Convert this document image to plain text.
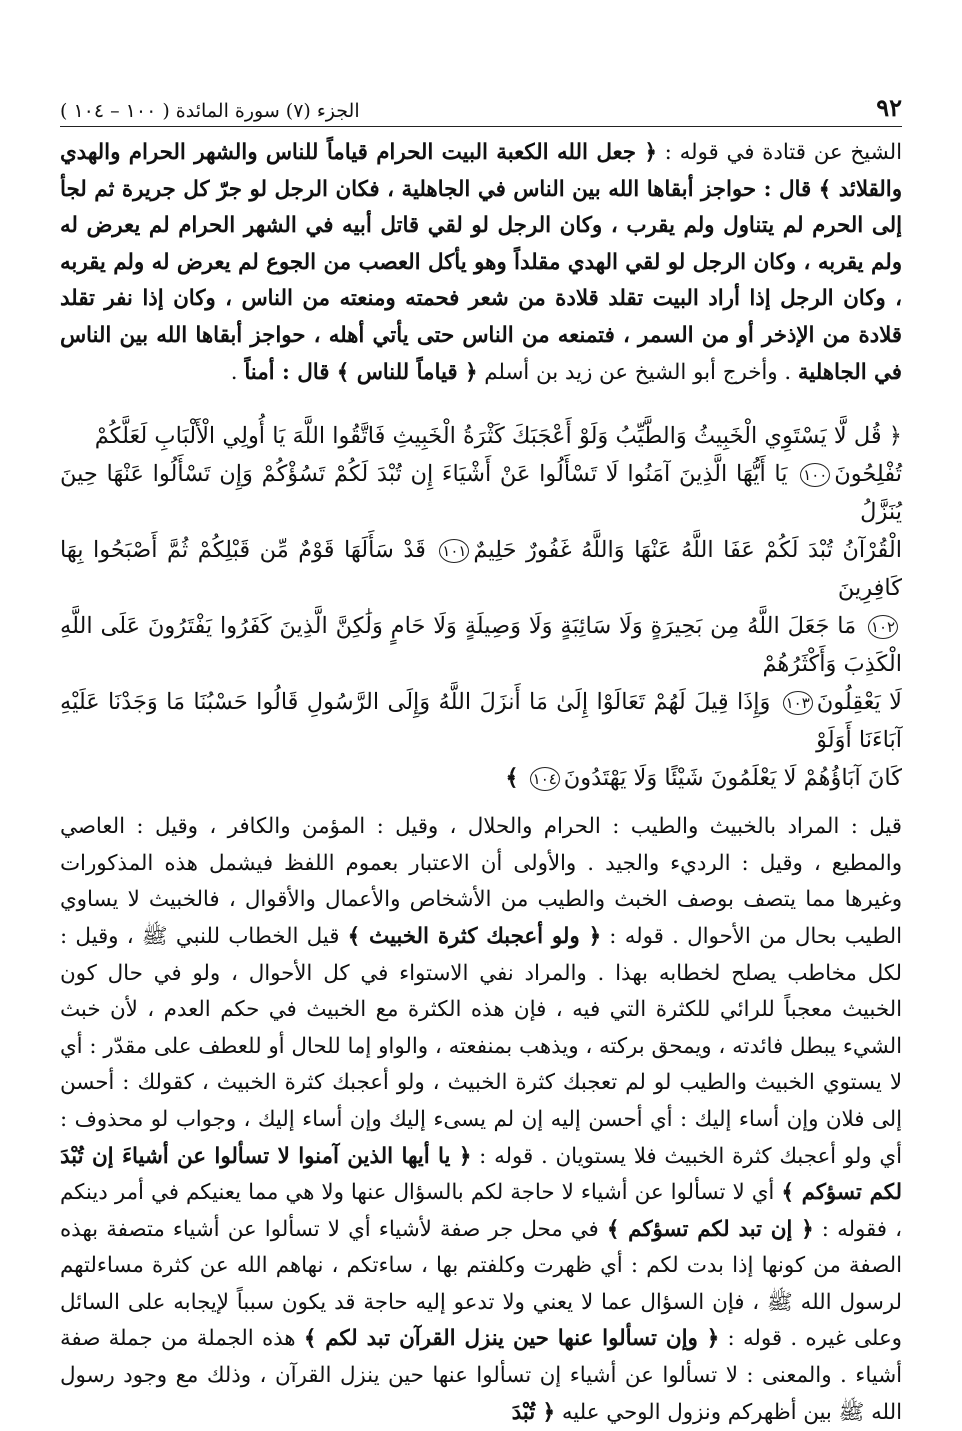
٩٢
الجزء (٧) سورة المائدة ( ١٠٠ – ١٠٤ )

الشيخ عن قتادة في قوله : ﴿ جعل الله الكعبة البيت الحرام قياماً للناس والشهر الحرام والهدي والقلائد ﴾ قال : حواجز أبقاها الله بين الناس في الجاهلية ، فكان الرجل لو جرّ كل جريرة ثم لجأ إلى الحرم لم يتناول ولم يقرب ، وكان الرجل لو لقي قاتل أبيه في الشهر الحرام لم يعرض له ولم يقربه ، وكان الرجل لو لقي الهدي مقلداً وهو يأكل العصب من الجوع لم يعرض له ولم يقربه ، وكان الرجل إذا أراد البيت تقلد قلادة من شعر فحمته ومنعته من الناس ، وكان إذا نفر تقلد قلادة من الإذخر أو من السمر ، فتمنعه من الناس حتى يأتي أهله ، حواجز أبقاها الله بين الناس في الجاهلية . وأخرج أبو الشيخ عن زيد بن أسلم ﴿ قياماً للناس ﴾ قال : أمناً .

﴿ قُل لَّا يَسْتَوِي الْخَبِيثُ وَالطَّيِّبُ وَلَوْ أَعْجَبَكَ كَثْرَةُ الْخَبِيثِ فَاتَّقُوا اللَّهَ يَا أُولِي الْأَلْبَابِ لَعَلَّكُمْ
تُفْلِحُونَ١٠٠ يَا أَيُّهَا الَّذِينَ آمَنُوا لَا تَسْأَلُوا عَنْ أَشْيَاءَ إِن تُبْدَ لَكُمْ تَسُؤْكُمْ وَإِن تَسْأَلُوا عَنْهَا حِينَ يُنَزَّلُ
الْقُرْآنُ تُبْدَ لَكُمْ عَفَا اللَّهُ عَنْهَا وَاللَّهُ غَفُورٌ حَلِيمٌ١٠١ قَدْ سَأَلَهَا قَوْمٌ مِّن قَبْلِكُمْ ثُمَّ أَصْبَحُوا بِهَا كَافِرِينَ
١٠٢ مَا جَعَلَ اللَّهُ مِن بَحِيرَةٍ وَلَا سَائِبَةٍ وَلَا وَصِيلَةٍ وَلَا حَامٍ وَلَٰكِنَّ الَّذِينَ كَفَرُوا يَفْتَرُونَ عَلَى اللَّهِ الْكَذِبَ وَأَكْثَرُهُمْ
لَا يَعْقِلُونَ١٠٣ وَإِذَا قِيلَ لَهُمْ تَعَالَوْا إِلَىٰ مَا أَنزَلَ اللَّهُ وَإِلَى الرَّسُولِ قَالُوا حَسْبُنَا مَا وَجَدْنَا عَلَيْهِ آبَاءَنَا أَوَلَوْ
كَانَ آبَاؤُهُمْ لَا يَعْلَمُونَ شَيْئًا وَلَا يَهْتَدُونَ١٠٤ ﴾

قيل : المراد بالخبيث والطيب : الحرام والحلال ، وقيل : المؤمن والكافر ، وقيل : العاصي والمطيع ، وقيل : الرديء والجيد . والأولى أن الاعتبار بعموم اللفظ فيشمل هذه المذكورات وغيرها مما يتصف بوصف الخبث والطيب من الأشخاص والأعمال والأقوال ، فالخبيث لا يساوي الطيب بحال من الأحوال . قوله : ﴿ ولو أعجبك كثرة الخبيث ﴾ قيل الخطاب للنبي ﷺ ، وقيل : لكل مخاطب يصلح لخطابه بهذا . والمراد نفي الاستواء في كل الأحوال ، ولو في حال كون الخبيث معجباً للرائي للكثرة التي فيه ، فإن هذه الكثرة مع الخبيث في حكم العدم ، لأن خبث الشيء يبطل فائدته ، ويمحق بركته ، ويذهب بمنفعته ، والواو إما للحال أو للعطف على مقدّر : أي لا يستوي الخبيث والطيب لو لم تعجبك كثرة الخبيث ، ولو أعجبك كثرة الخبيث ، كقولك : أحسن إلى فلان وإن أساء إليك : أي أحسن إليه إن لم يسىء إليك وإن أساء إليك ، وجواب لو محذوف : أي ولو أعجبك كثرة الخبيث فلا يستويان . قوله : ﴿ يا أيها الذين آمنوا لا تسألوا عن أشياءَ إن تُبْدَ لكم تسؤكم ﴾ أي لا تسألوا عن أشياء لا حاجة لكم بالسؤال عنها ولا هي مما يعنيكم في أمر دينكم ، فقوله : ﴿ إن تبد لكم تسؤكم ﴾ في محل جر صفة لأشياء أي لا تسألوا عن أشياء متصفة بهذه الصفة من كونها إذا بدت لكم : أي ظهرت وكلفتم بها ، ساءتكم ، نهاهم الله عن كثرة مساءلتهم لرسول الله ﷺ ، فإن السؤال عما لا يعني ولا تدعو إليه حاجة قد يكون سبباً لإيجابه على السائل وعلى غيره . قوله : ﴿ وإن تسألوا عنها حين ينزل القرآن تبد لكم ﴾ هذه الجملة من جملة صفة أشياء . والمعنى : لا تسألوا عن أشياء إن تسألوا عنها حين ينزل القرآن ، وذلك مع وجود رسول الله ﷺ بين أظهركم ونزول الوحي عليه ﴿ تُبْدَ
